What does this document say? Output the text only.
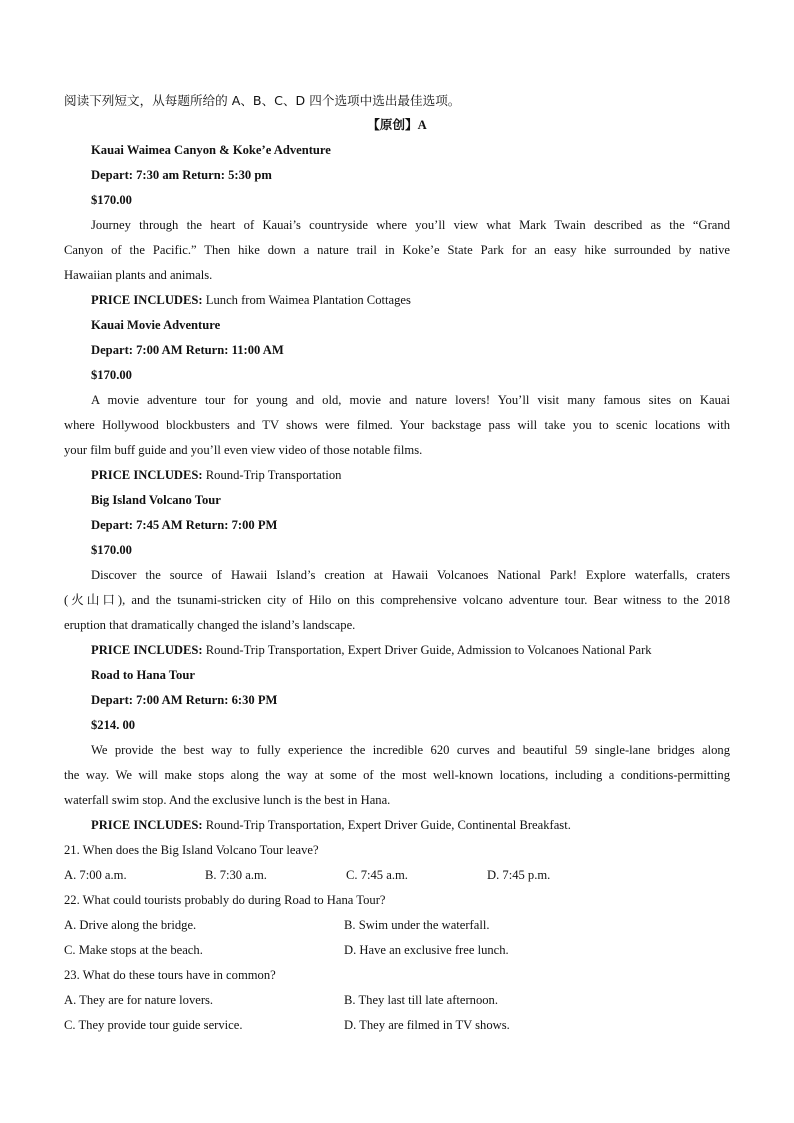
阅读下列短文，从每题所给的 A、B、C、D 四个选项中选出最佳选项。
【原创】A
Kauai Waimea Canyon & Koke’e Adventure
Depart: 7:30 am Return: 5:30 pm
$170.00
Journey through the heart of Kauai’s countryside where you’ll view what Mark Twain described as the “Grand
Canyon of the Pacific.” Then hike down a nature trail in Koke’e State Park for an easy hike surrounded by native
Hawaiian plants and animals.
PRICE INCLUDES: Lunch from Waimea Plantation Cottages
Kauai Movie Adventure
Depart: 7:00 AM Return: 11:00 AM
$170.00
A movie adventure tour for young and old, movie and nature lovers! You’ll visit many famous sites on Kauai
where Hollywood blockbusters and TV shows were filmed. Your backstage pass will take you to scenic locations with
your film buff guide and you’ll even view video of those notable films.
PRICE INCLUDES: Round-Trip Transportation
Big Island Volcano Tour
Depart: 7:45 AM Return: 7:00 PM
$170.00
Discover the source of Hawaii Island’s creation at Hawaii Volcanoes National Park! Explore waterfalls, craters
(火山口), and the tsunami-stricken city of Hilo on this comprehensive volcano adventure tour. Bear witness to the 2018
eruption that dramatically changed the island’s landscape.
PRICE INCLUDES: Round-Trip Transportation, Expert Driver Guide, Admission to Volcanoes National Park
Road to Hana Tour
Depart: 7:00 AM Return: 6:30 PM
$214. 00
We provide the best way to fully experience the incredible 620 curves and beautiful 59 single-lane bridges along
the way. We will make stops along the way at some of the most well-known locations, including a conditions-permitting
waterfall swim stop. And the exclusive lunch is the best in Hana.
PRICE INCLUDES: Round-Trip Transportation, Expert Driver Guide, Continental Breakfast.
21. When does the Big Island Volcano Tour leave?
A. 7:00 a.m.	B. 7:30 a.m.	C. 7:45 a.m.	D. 7:45 p.m.
22. What could tourists probably do during Road to Hana Tour?
A. Drive along the bridge.	B. Swim under the waterfall.
C. Make stops at the beach.	D. Have an exclusive free lunch.
23. What do these tours have in common?
A. They are for nature lovers.	B. They last till late afternoon.
C. They provide tour guide service.	D. They are filmed in TV shows.
